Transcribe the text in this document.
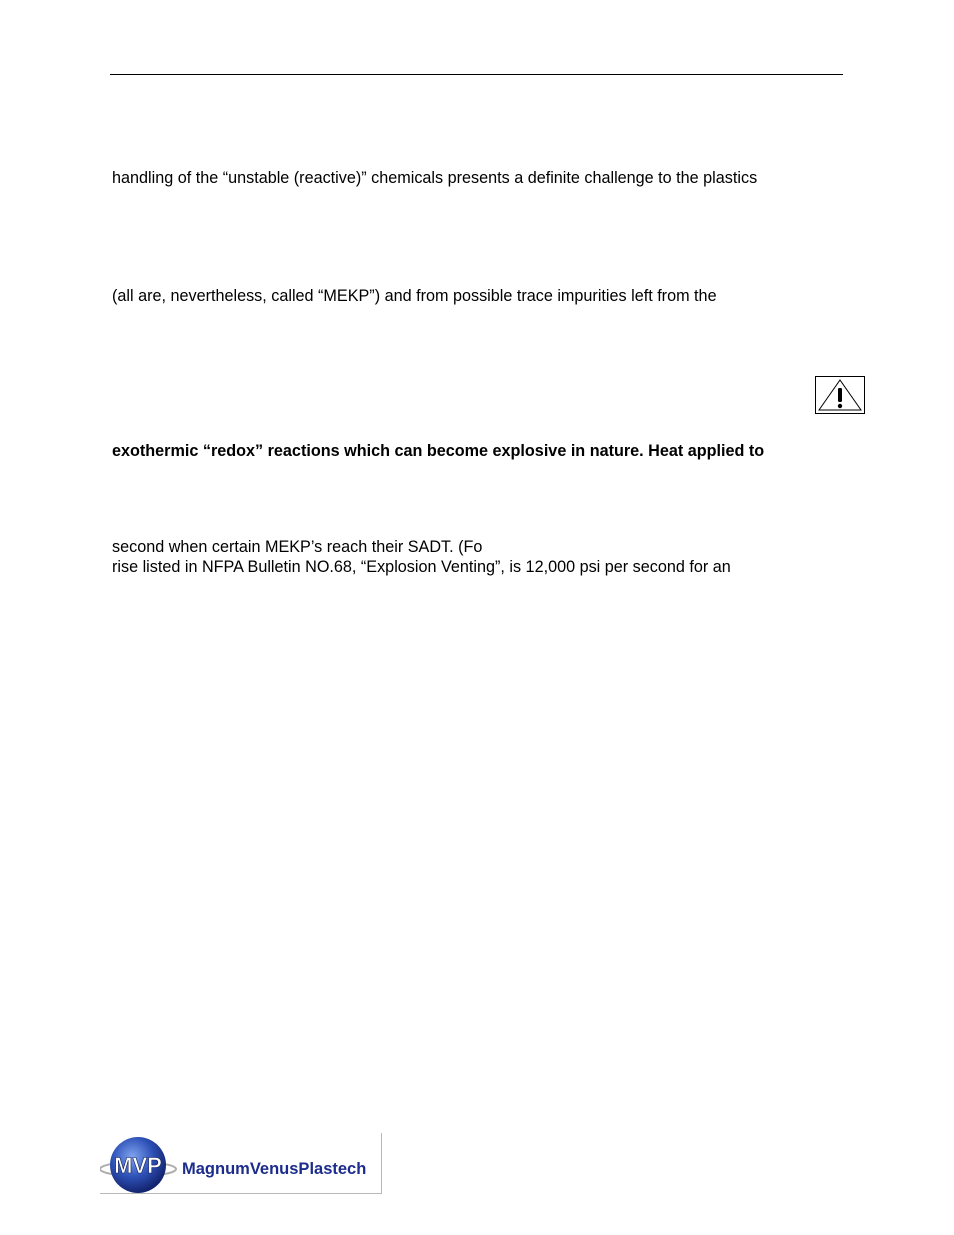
handling of the “unstable (reactive)” chemicals presents a definite challenge to the plastics
(all are, nevertheless, called “MEKP”) and from possible trace impurities left from the
exothermic “redox” reactions which can become explosive in nature. Heat applied to
second when certain MEKP’s reach their SADT. (Fo
rise listed in NFPA Bulletin NO.68, “Explosion Venting”, is 12,000 psi per second for an
MVP MagnumVenusPlastech
